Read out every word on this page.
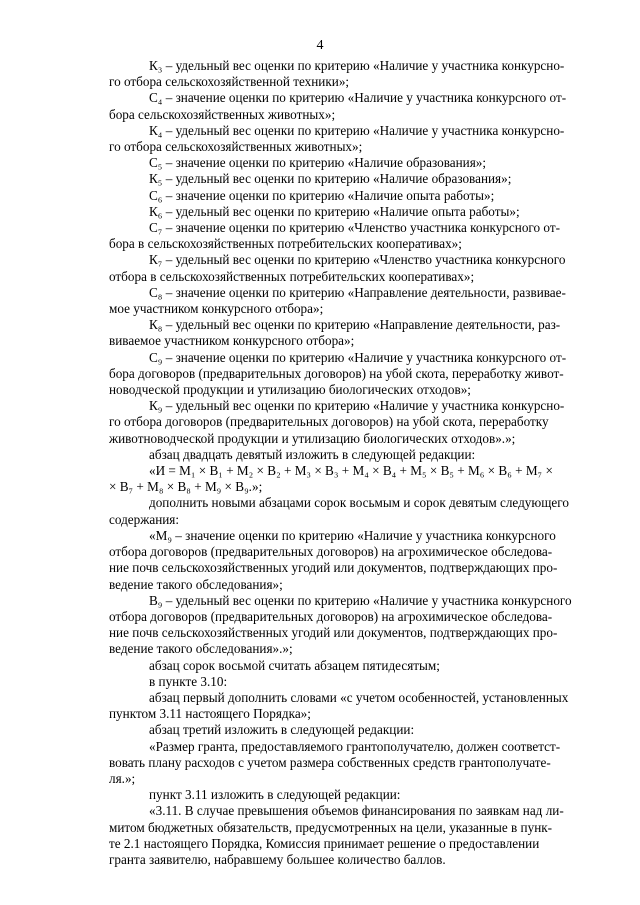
4
К₃ – удельный вес оценки по критерию «Наличие у участника конкурсно-
го отбора сельскохозяйственной техники»;
С₄ – значение оценки по критерию «Наличие у участника конкурсного от-
бора сельскохозяйственных животных»;
К₄ – удельный вес оценки по критерию «Наличие у участника конкурсно-
го отбора сельскохозяйственных животных»;
С₅ – значение оценки по критерию «Наличие образования»;
К₅ – удельный вес оценки по критерию «Наличие образования»;
С₆ – значение оценки по критерию «Наличие опыта работы»;
К₆ – удельный вес оценки по критерию «Наличие опыта работы»;
С₇ – значение оценки по критерию «Членство участника конкурсного от-
бора в сельскохозяйственных потребительских кооперативах»;
К₇ – удельный вес оценки по критерию «Членство участника конкурсного
отбора в сельскохозяйственных потребительских кооперативах»;
С₈ – значение оценки по критерию «Направление деятельности, развивае-
мое участником конкурсного отбора»;
К₈ – удельный вес оценки по критерию «Направление деятельности, раз-
виваемое участником конкурсного отбора»;
С₉ – значение оценки по критерию «Наличие у участника конкурсного от-
бора договоров (предварительных договоров) на убой скота, переработку живот-
новодческой продукции и утилизацию биологических отходов»;
К₉ – удельный вес оценки по критерию «Наличие у участника конкурсно-
го отбора договоров (предварительных договоров) на убой скота, переработку
животноводческой продукции и утилизацию биологических отходов».»;
абзац двадцать девятый изложить в следующей редакции:
«И = М₁ × В₁ + М₂ × В₂ + М₃ × В₃ + М₄ × В₄ + М₅ × В₅ + М₆ × В₆ + М₇ ×
× В₇ + М₈ × В₈ + М₉ × В₉.»;
дополнить новыми абзацами сорок восьмым и сорок девятым следующего
содержания:
«М₉ – значение оценки по критерию «Наличие у участника конкурсного
отбора договоров (предварительных договоров) на агрохимическое обследова-
ние почв сельскохозяйственных угодий или документов, подтверждающих про-
ведение такого обследования»;
В₉ – удельный вес оценки по критерию «Наличие у участника конкурсного
отбора договоров (предварительных договоров) на агрохимическое обследова-
ние почв сельскохозяйственных угодий или документов, подтверждающих про-
ведение такого обследования».»;
абзац сорок восьмой считать абзацем пятидесятым;
в пункте 3.10:
абзац первый дополнить словами «с учетом особенностей, установленных
пунктом 3.11 настоящего Порядка»;
абзац третий изложить в следующей редакции:
«Размер гранта, предоставляемого грантополучателю, должен соответст-
вовать плану расходов с учетом размера собственных средств грантополучате-
ля.»;
пункт 3.11 изложить в следующей редакции:
«3.11. В случае превышения объемов финансирования по заявкам над ли-
митом бюджетных обязательств, предусмотренных на цели, указанные в пунк-
те 2.1 настоящего Порядка, Комиссия принимает решение о предоставлении
гранта заявителю, набравшему большее количество баллов.
